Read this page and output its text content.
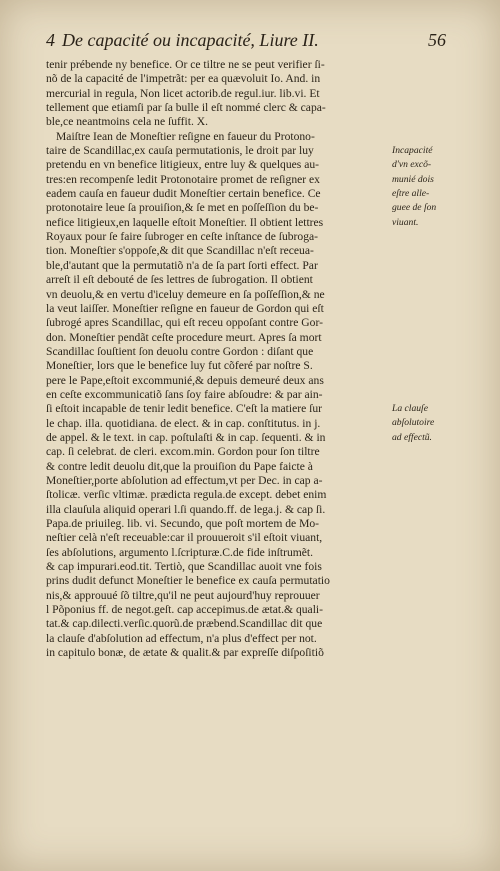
4 De capacité ou incapacité, Liure II.	56
tenir prébende ny benefice. Or ce tiltre ne se peut verifier ſi-
nõ de la capacité de l'impetrãt: per ea quævoluit Io. And. in
mercurial in regula, Non licet actorib.de regul.iur. lib.vi. Et
tellement que etiamſi par ſa bulle il eſt nommé clerc & capa-
ble,ce neantmoins cela ne ſuffit. X.
Maiſtre Iean de Moneſtier reſigne en faueur du Protono-
taire de Scandillac,ex cauſa permutationis, le droit par luy
pretendu en vn benefice litigieux, entre luy & quelques au-
tres:en recompenſe ledit Protonotaire promet de reſigner ex
eadem cauſa en faueur dudit Moneſtier certain benefice. Ce
protonotaire leue ſa prouiſion,& ſe met en poſſeſſion du be-
nefice litigieux,en laquelle eſtoit Moneſtier. Il obtient lettres
Royaux pour ſe faire ſubroger en ceſte inſtance de ſubroga-
tion. Moneſtier s'oppoſe,& dit que Scandillac n'eſt receua-
ble,d'autant que la permutatiõ n'a de ſa part ſorti effect. Par
arreſt il eſt debouté de ſes lettres de ſubrogation. Il obtient
vn deuolu,& en vertu d'iceluy demeure en ſa poſſeſſion,& ne
la veut laiſſer. Moneſtier reſigne en faueur de Gordon qui eſt
ſubrogé apres Scandillac, qui eſt receu oppoſant contre Gor-
don. Moneſtier pendãt ceſte procedure meurt. Apres ſa mort
Scandillac ſouſtient ſon deuolu contre Gordon : diſant que
Moneſtier, lors que le benefice luy fut cõferé par noſtre S.
pere le Pape,eſtoit excommunié,& depuis demeuré deux ans
en ceſte excommunicatiõ ſans ſoy faire abſoudre: & par ain-
ſi eſtoit incapable de tenir ledit benefice. C'eſt la matiere ſur
le chap. illa. quotidiana. de elect. & in cap. conſtitutus. in j.
de appel. & le text. in cap. poſtulaſti & in cap. ſequenti. & in
cap. ſi celebrat. de cleri. excom.min. Gordon pour ſon tiltre
& contre ledit deuolu dit,que la prouiſion du Pape faicte à
Moneſtier,porte abſolution ad effectum,vt per Dec. in cap a-
ſtolicæ. verſic vltimæ. prædicta regula.de except. debet enim
illa clauſula aliquid operari l.ſi quando.ff. de lega.j. & cap ſi.
Papa.de priuileg. lib. vi. Secundo, que poſt mortem de Mo-
neſtier celà n'eſt receuable:car il prouueroit s'il eſtoit viuant,
ſes abſolutions, argumento l.ſcripturæ.C.de fide inſtrumẽt.
& cap impurari.eod.tit. Tertiò, que Scandillac auoit vne fois
prins dudit defunct Moneſtier le benefice ex cauſa permutatio
nis,& approuué ſõ tiltre,qu'il ne peut aujourd'huy reprouuer
l Põponius ff. de negot.geſt. cap accepimus.de ætat.& quali-
tat.& cap.dilecti.verſic.quorũ.de præbend.Scandillac dit que
la clauſe d'abſolution ad effectum, n'a plus d'effect per not.
in capitulo bonæ, de ætate & qualit.& par expreſſe diſpoſitiõ
Incapacité
d'vn excõ-
munié dois
eſtre alle-
guee de ſon
viuant.
La clauſe
abſolutoire
ad effectũ.
